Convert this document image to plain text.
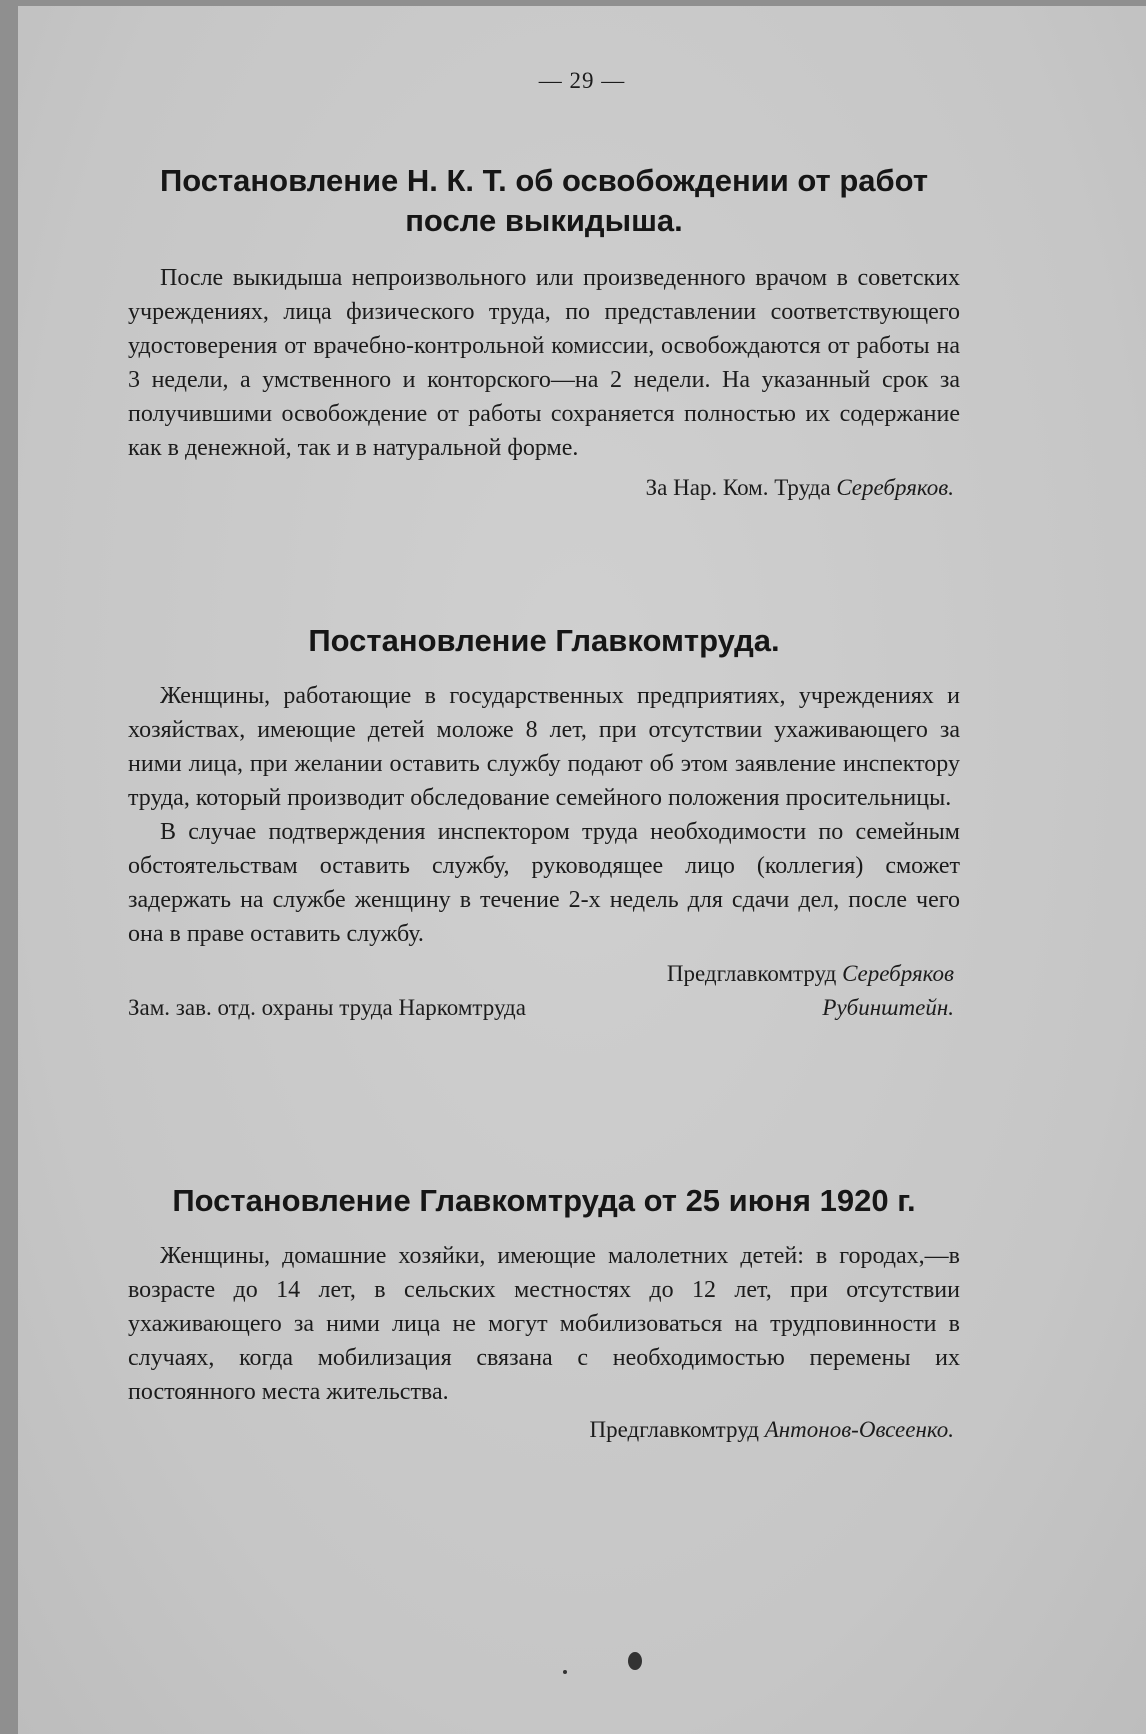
— 29 —
Постановление Н. К. Т. об освобождении от работ
после выкидыша.

После выкидыша непроизвольного или произведенного врачом в советских учреждениях, лица физического труда, по представлении соответствующего удостоверения от врачебно-контрольной комиссии, освобождаются от работы на 3 недели, а умственного и конторского—на 2 недели. На указанный срок за получившими освобождение от работы сохраняется полностью их содержание как в денежной, так и в натуральной форме.

За Нар. Ком. Труда Серебряков.
Постановление Главкомтруда.

Женщины, работающие в государственных предприятиях, учреждениях и хозяйствах, имеющие детей моложе 8 лет, при отсутствии ухаживающего за ними лица, при желании оставить службу подают об этом заявление инспектору труда, который производит обследование семейного положения просительницы.

В случае подтверждения инспектором труда необходимости по семейным обстоятельствам оставить службу, руководящее лицо (коллегия) сможет задержать на службе женщину в течение 2-х недель для сдачи дел, после чего она в праве оставить службу.

Предглавкомтруд Серебряков
Зам. зав. отд. охраны труда Наркомтруда	Рубинштейн.
Постановление Главкомтруда от 25 июня 1920 г.

Женщины, домашние хозяйки, имеющие малолетних детей: в городах,—в возрасте до 14 лет, в сельских местностях до 12 лет, при отсутствии ухаживающего за ними лица не могут мобилизоваться на трудповинности в случаях, когда мобилизация связана с необходимостью перемены их постоянного места жительства.

Предглавкомтруд Антонов-Овсеенко.
